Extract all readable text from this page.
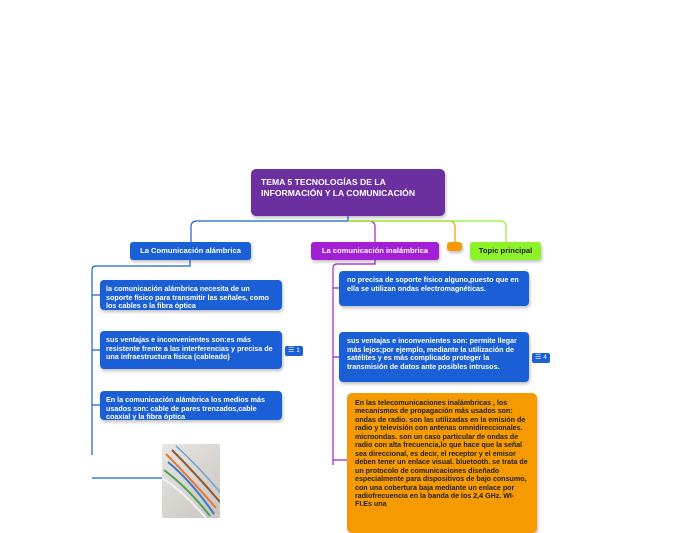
TEMA 5 TECNOLOGÍAS DE LA INFORMACIÓN Y LA COMUNICACIÓN
La Comunicación alámbrica	La comunicación inalámbrica	Topic principal
la comunicación alámbrica necesita de un soporte físico para transmitir las señales, como los cables o la fibra óptica
sus ventajas e inconvenientes son:es más resistente frente a las interferencias y precisa de una infraestructura física (cableado)
☰ 1
En la comunicación alámbrica los medios más usados son: cable de pares trenzados,cable coaxial y la fibra óptica
no precisa de soporte físico alguno,puesto que en ella se utilizan ondas electromagnéticas.
sus ventajas e inconvenientes son: permite llegar más lejos;por ejemplo, mediante la utilización de satélites y es más complicado proteger la transmisión de datos ante posibles intrusos.
☰ 4
En las telecomunicaciones inalámbricas , los mecanismos de propagación más usados son: ondas de radio. son las utilizadas en la emisión de radio y televisión con antenas omnidireccionales. microondas. son un caso particular de ondas de radio con alta frecuencia,lo que hace que la señal sea direccional, es decir, el receptor y el emisor deben tener un enlace visual. bluetooth. se trata de un protocolo de comunicaciones diseñado especialmente para dispositivos de bajo consumo, con una cobertura baja mediante un enlace por radiofrecuencia en la banda de los 2,4 GHz. WI-FI.Es una
